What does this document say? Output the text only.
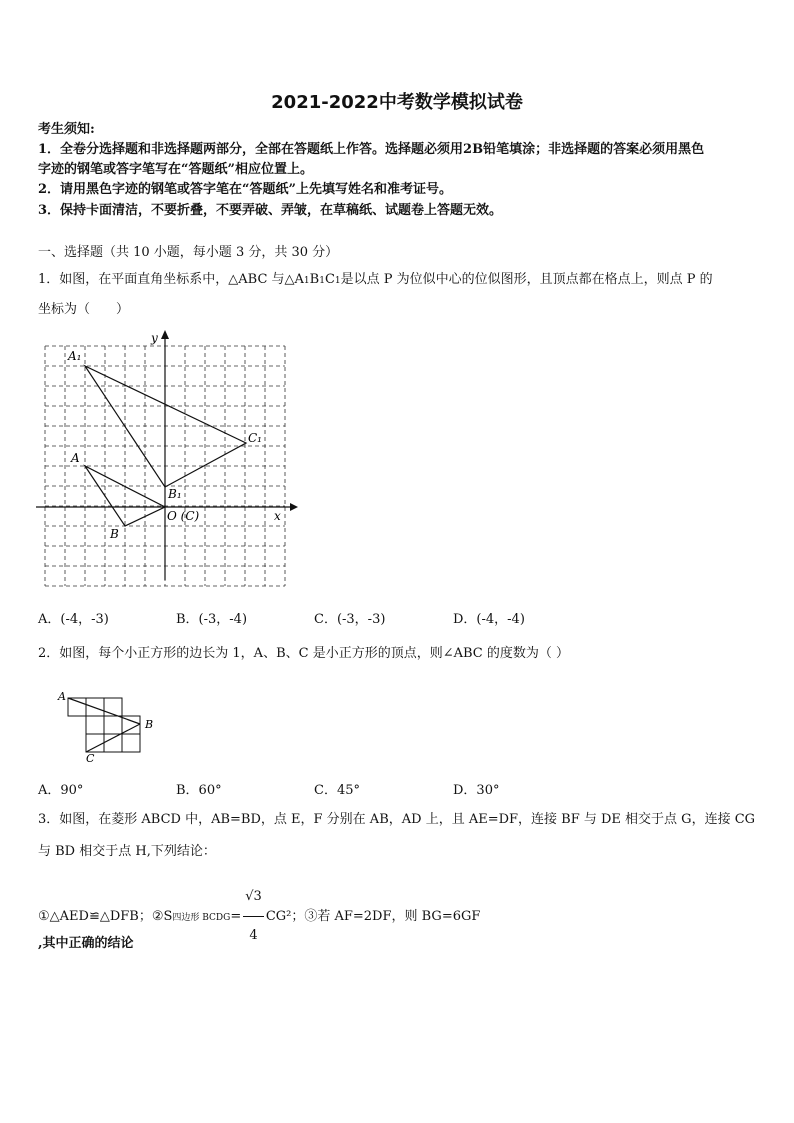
2021-2022中考数学模拟试卷
考生须知:
1．全卷分选择题和非选择题两部分，全部在答题纸上作答。选择题必须用2B铅笔填涂；非选择题的答案必须用黑色
字迹的钢笔或答字笔写在“答题纸”相应位置上。
2．请用黑色字迹的钢笔或答字笔在“答题纸”上先填写姓名和准考证号。
3．保持卡面清洁，不要折叠，不要弄破、弄皱，在草稿纸、试题卷上答题无效。
一、选择题（共 10 小题，每小题 3 分，共 30 分）
1．如图，在平面直角坐标系中，△ABC 与△A1B1C1是以点 P 为位似中心的位似图形，且顶点都在格点上，则点 P 的
坐标为（　　）
A₁
A
B
B₁
C₁
O (C)	x
y
A．(-4，-3)	B．(-3，-4)	C．(-3，-3)	D．(-4，-4)
2．如图，每个小正方形的边长为 1，A、B、C 是小正方形的顶点，则∠ABC 的度数为（ ）
A
B
C
A．90°	B．60°	C．45°	D．30°
3．如图，在菱形 ABCD 中，AB=BD，点 E，F 分别在 AB，AD 上，且 AE=DF，连接 BF 与 DE 相交于点 G，连接 CG
与 BD 相交于点 H,下列结论：
①△AED≌△DFB；②S四边形 BCDG= $\frac{√3}{4} CG^2$；③若 AF=2DF，则 BG=6GF
,其中正确的结论
